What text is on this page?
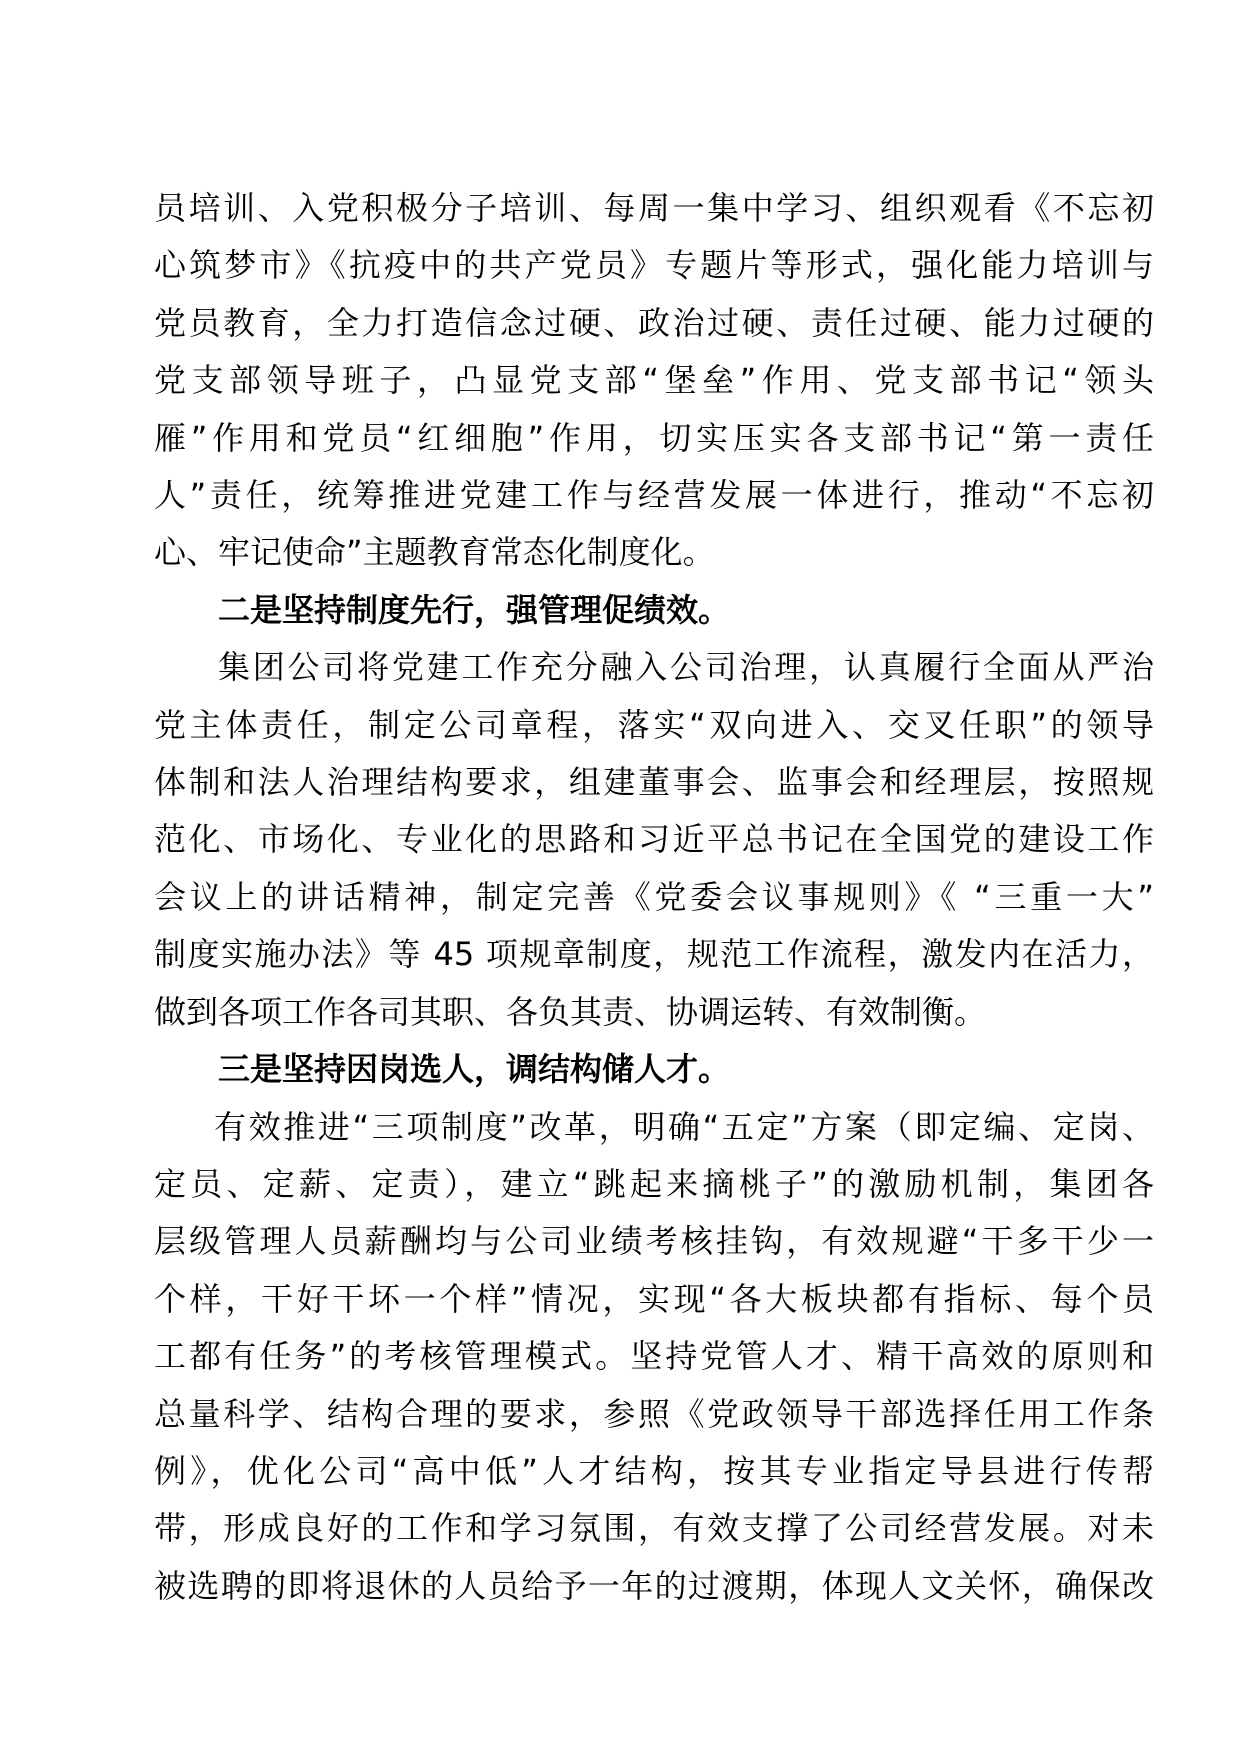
员培训、入党积极分子培训、每周一集中学习、组织观看《不忘初
心筑梦市》《抗疫中的共产党员》专题片等形式，强化能力培训与
党员教育，全力打造信念过硬、政治过硬、责任过硬、能力过硬的
党支部领导班子，凸显党支部“堡垒”作用、党支部书记“领头
雁”作用和党员“红细胞”作用，切实压实各支部书记“第一责任
人”责任，统筹推进党建工作与经营发展一体进行，推动“不忘初
心、牢记使命”主题教育常态化制度化。

二是坚持制度先行，强管理促绩效。

集团公司将党建工作充分融入公司治理，认真履行全面从严治
党主体责任，制定公司章程，落实“双向进入、交叉任职”的领导
体制和法人治理结构要求，组建董事会、监事会和经理层，按照规
范化、市场化、专业化的思路和习近平总书记在全国党的建设工作
会议上的讲话精神，制定完善《党委会议事规则》《 “三重一大”
制度实施办法》等 45 项规章制度，规范工作流程，激发内在活力，
做到各项工作各司其职、各负其责、协调运转、有效制衡。

三是坚持因岗选人，调结构储人才。

有效推进“三项制度”改革，明确“五定”方案（即定编、定岗、
定员、定薪、定责），建立“跳起来摘桃子”的激励机制，集团各
层级管理人员薪酬均与公司业绩考核挂钩，有效规避“干多干少一
个样，干好干坏一个样”情况，实现“各大板块都有指标、每个员
工都有任务”的考核管理模式。坚持党管人才、精干高效的原则和
总量科学、结构合理的要求，参照《党政领导干部选择任用工作条
例》，优化公司“高中低”人才结构，按其专业指定导县进行传帮
带，形成良好的工作和学习氛围，有效支撑了公司经营发展。对未
被选聘的即将退休的人员给予一年的过渡期，体现人文关怀，确保改
